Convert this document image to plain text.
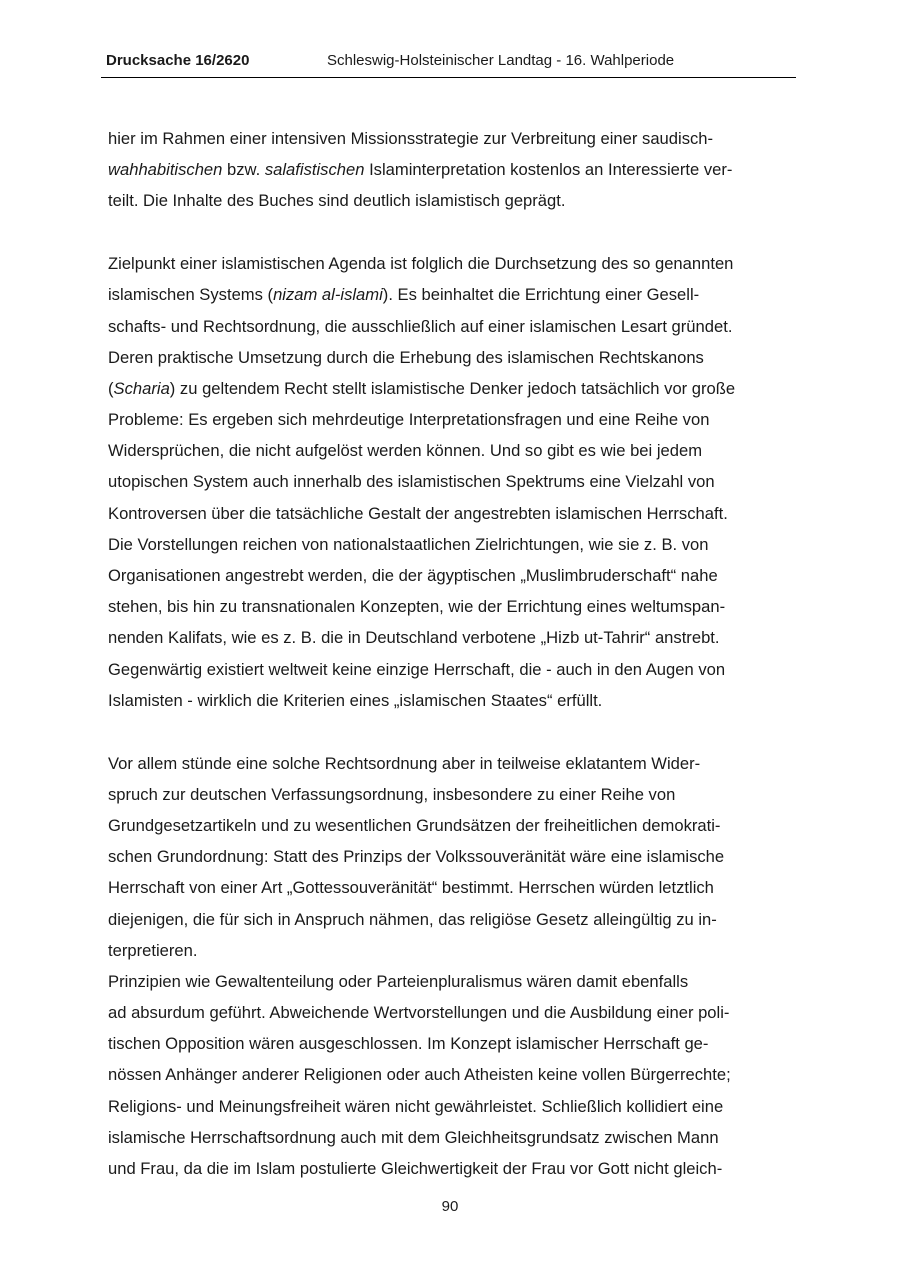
Drucksache 16/2620	Schleswig-Holsteinischer Landtag - 16. Wahlperiode
hier im Rahmen einer intensiven Missionsstrategie zur Verbreitung einer saudisch-
wahhabitischen bzw. salafistischen Islaminterpretation kostenlos an Interessierte ver-
teilt. Die Inhalte des Buches sind deutlich islamistisch geprägt.
Zielpunkt einer islamistischen Agenda ist folglich die Durchsetzung des so genannten
islamischen Systems (nizam al-islami). Es beinhaltet die Errichtung einer Gesell-
schafts- und Rechtsordnung, die ausschließlich auf einer islamischen Lesart gründet.
Deren praktische Umsetzung durch die Erhebung des islamischen Rechtskanons
(Scharia) zu geltendem Recht stellt islamistische Denker jedoch tatsächlich vor große
Probleme: Es ergeben sich mehrdeutige Interpretationsfragen und eine Reihe von
Widersprüchen, die nicht aufgelöst werden können. Und so gibt es wie bei jedem
utopischen System auch innerhalb des islamistischen Spektrums eine Vielzahl von
Kontroversen über die tatsächliche Gestalt der angestrebten islamischen Herrschaft.
Die Vorstellungen reichen von nationalstaatlichen Zielrichtungen, wie sie z. B. von
Organisationen angestrebt werden, die der ägyptischen „Muslimbruderschaft“ nahe
stehen, bis hin zu transnationalen Konzepten, wie der Errichtung eines weltumspan-
nenden Kalifats, wie es z. B. die in Deutschland verbotene „Hizb ut-Tahrir“ anstrebt.
Gegenwärtig existiert weltweit keine einzige Herrschaft, die - auch in den Augen von
Islamisten - wirklich die Kriterien eines „islamischen Staates“ erfüllt.
Vor allem stünde eine solche Rechtsordnung aber in teilweise eklatantem Wider-
spruch zur deutschen Verfassungsordnung, insbesondere zu einer Reihe von
Grundgesetzartikeln und zu wesentlichen Grundsätzen der freiheitlichen demokrati-
schen Grundordnung: Statt des Prinzips der Volkssouveränität wäre eine islamische
Herrschaft von einer Art „Gottessouveränität“ bestimmt. Herrschen würden letztlich
diejenigen, die für sich in Anspruch nähmen, das religiöse Gesetz alleingültig zu in-
terpretieren.
Prinzipien wie Gewaltenteilung oder Parteienpluralismus wären damit ebenfalls
ad absurdum geführt. Abweichende Wertvorstellungen und die Ausbildung einer poli-
tischen Opposition wären ausgeschlossen. Im Konzept islamischer Herrschaft ge-
nössen Anhänger anderer Religionen oder auch Atheisten keine vollen Bürgerrechte;
Religions- und Meinungsfreiheit wären nicht gewährleistet. Schließlich kollidiert eine
islamische Herrschaftsordnung auch mit dem Gleichheitsgrundsatz zwischen Mann
und Frau, da die im Islam postulierte Gleichwertigkeit der Frau vor Gott nicht gleich-
90
